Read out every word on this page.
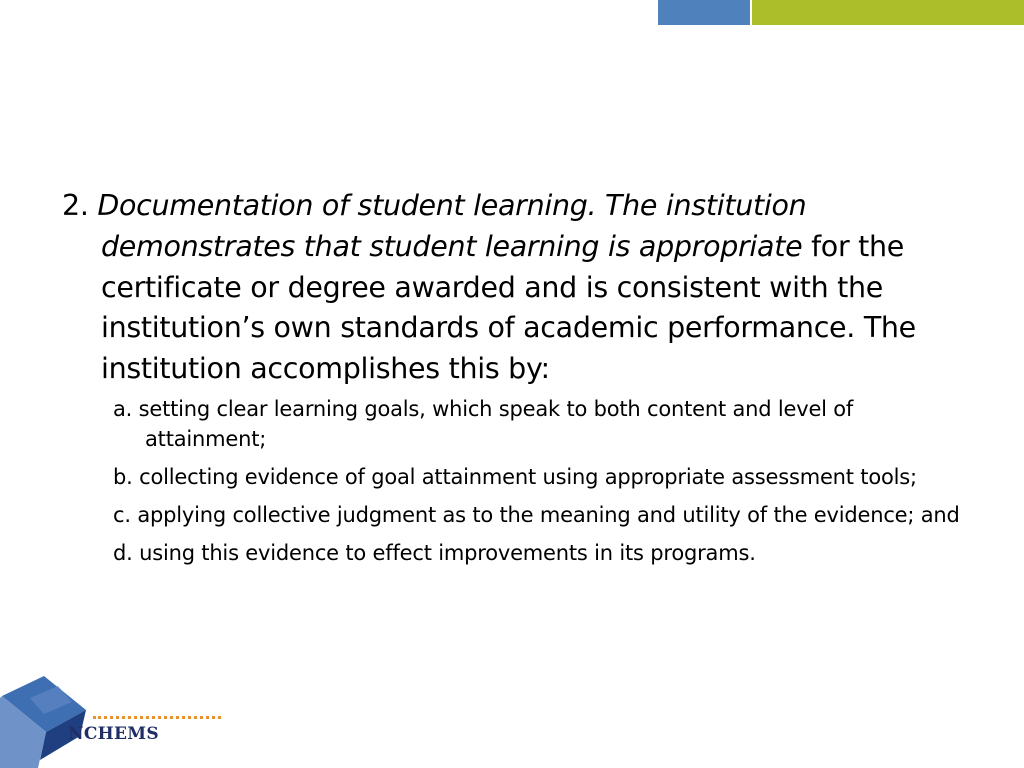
2. Documentation of student learning. The institution demonstrates that student learning is appropriate for the certificate or degree awarded and is consistent with the institution’s own standards of academic performance. The institution accomplishes this by:

a. setting clear learning goals, which speak to both content and level of attainment;
b. collecting evidence of goal attainment using appropriate assessment tools;
c. applying collective judgment as to the meaning and utility of the evidence; and
d. using this evidence to effect improvements in its programs.
NCHEMS
